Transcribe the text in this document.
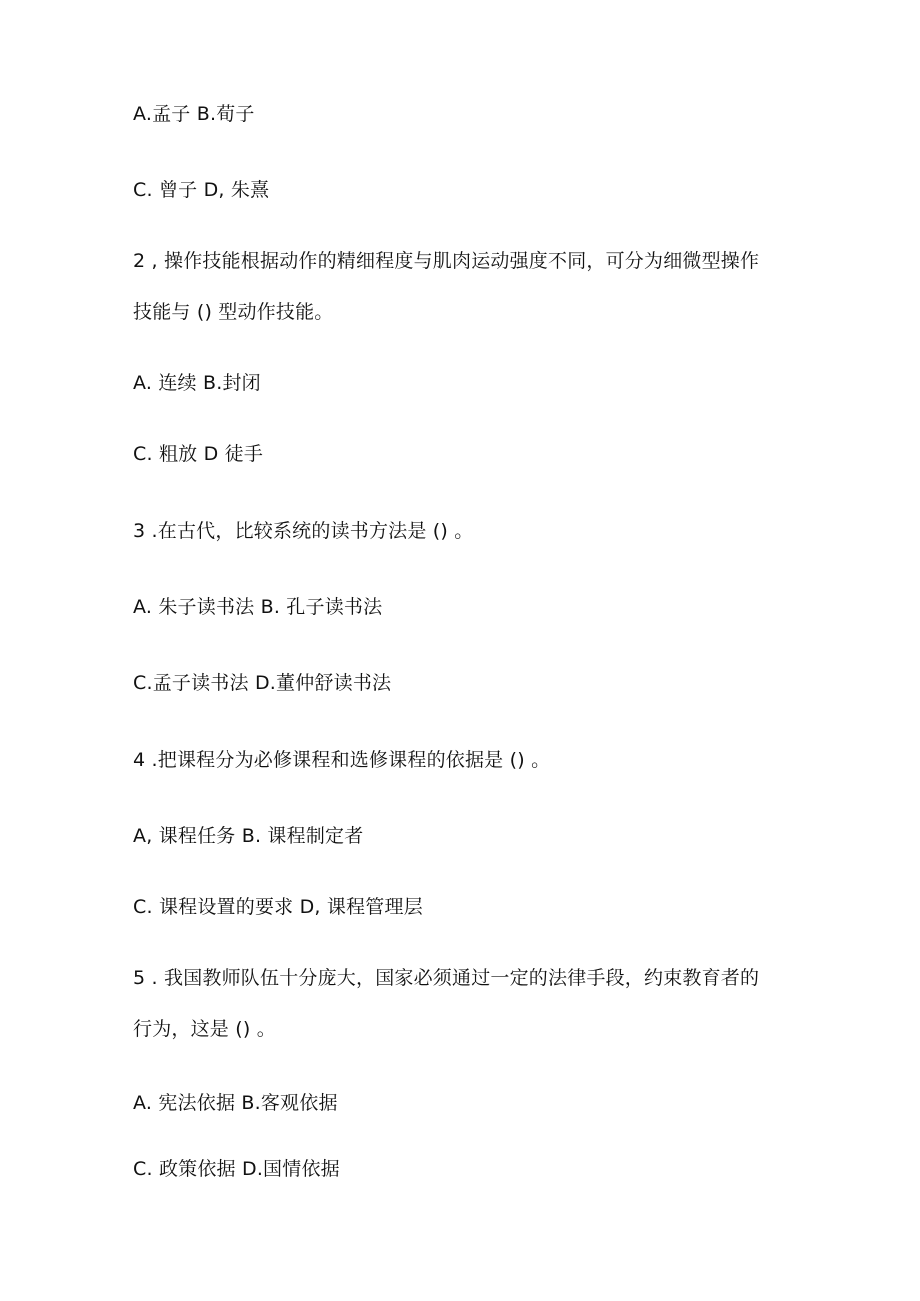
A.孟子 B.荀子
C. 曾子 D, 朱熹
2 , 操作技能根据动作的精细程度与肌肉运动强度不同，可分为细微型操作
技能与 () 型动作技能。
A. 连续 B.封闭
C. 粗放 D 徒手
3 .在古代，比较系统的读书方法是 () 。
A. 朱子读书法 B. 孔子读书法
C.孟子读书法 D.董仲舒读书法
4 .把课程分为必修课程和选修课程的依据是 () 。
A, 课程任务 B. 课程制定者
C. 课程设置的要求 D, 课程管理层
5 . 我国教师队伍十分庞大，国家必须通过一定的法律手段，约束教育者的
行为，这是 () 。
A. 宪法依据 B.客观依据
C. 政策依据 D.国情依据
